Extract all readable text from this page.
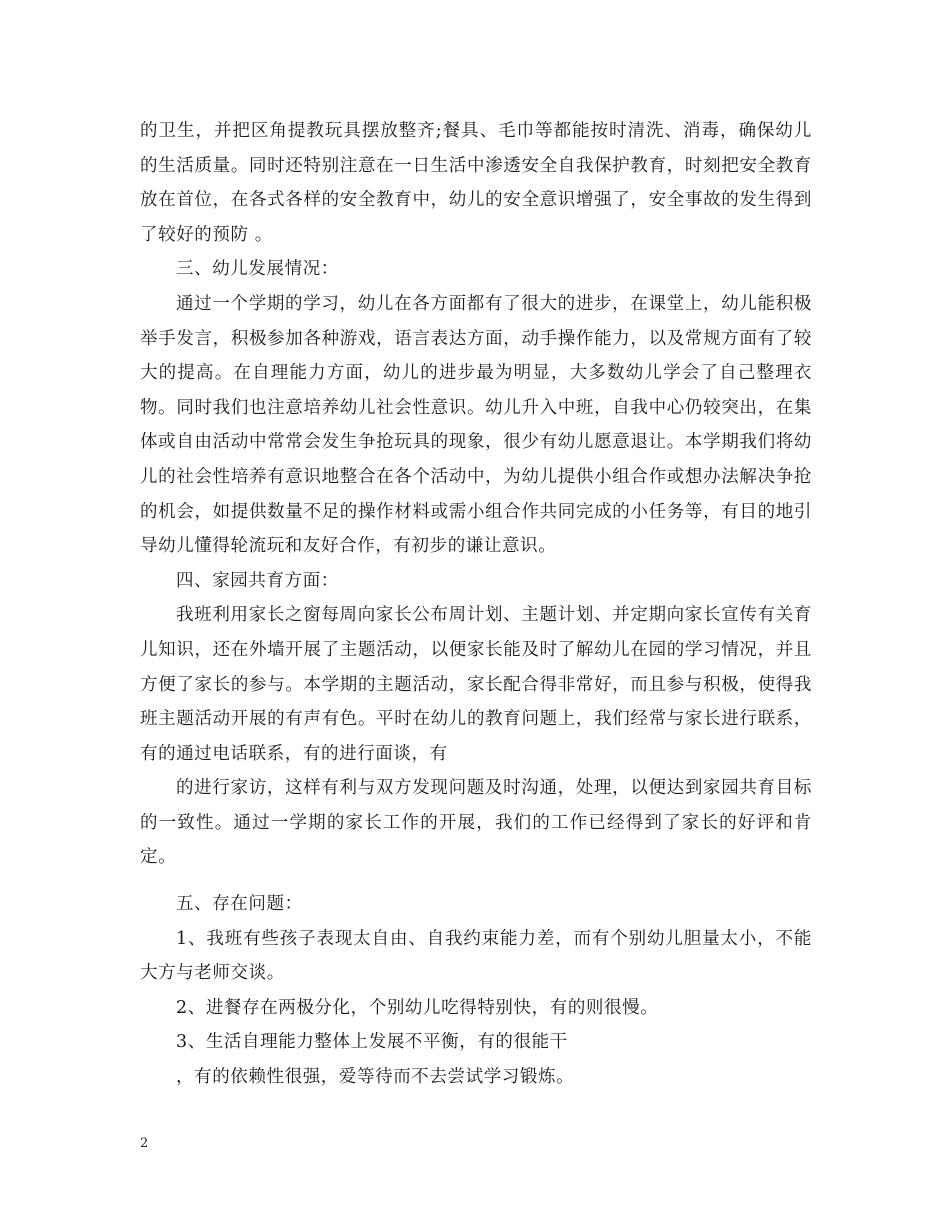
的卫生，并把区角提教玩具摆放整齐;餐具、毛巾等都能按时清洗、消毒，确保幼儿的生活质量。同时还特别注意在一日生活中渗透安全自我保护教育，时刻把安全教育放在首位，在各式各样的安全教育中，幼儿的安全意识增强了，安全事故的发生得到了较好的预防 。

三、幼儿发展情况：

通过一个学期的学习，幼儿在各方面都有了很大的进步，在课堂上，幼儿能积极举手发言，积极参加各种游戏，语言表达方面，动手操作能力，以及常规方面有了较大的提高。在自理能力方面，幼儿的进步最为明显，大多数幼儿学会了自己整理衣物。同时我们也注意培养幼儿社会性意识。幼儿升入中班，自我中心仍较突出，在集体或自由活动中常常会发生争抢玩具的现象，很少有幼儿愿意退让。本学期我们将幼儿的社会性培养有意识地整合在各个活动中，为幼儿提供小组合作或想办法解决争抢的机会，如提供数量不足的操作材料或需小组合作共同完成的小任务等，有目的地引导幼儿懂得轮流玩和友好合作，有初步的谦让意识。

四、家园共育方面：

我班利用家长之窗每周向家长公布周计划、主题计划、并定期向家长宣传有关育儿知识，还在外墙开展了主题活动，以便家长能及时了解幼儿在园的学习情况，并且方便了家长的参与。本学期的主题活动，家长配合得非常好，而且参与积极，使得我班主题活动开展的有声有色。平时在幼儿的教育问题上，我们经常与家长进行联系，有的通过电话联系，有的进行面谈，有

的进行家访，这样有利与双方发现问题及时沟通，处理，以便达到家园共育目标的一致性。通过一学期的家长工作的开展，我们的工作已经得到了家长的好评和肯定。

五、存在问题：

1、我班有些孩子表现太自由、自我约束能力差，而有个别幼儿胆量太小，不能大方与老师交谈。

2、进餐存在两极分化，个别幼儿吃得特别快，有的则很慢。

3、生活自理能力整体上发展不平衡，有的很能干

，有的依赖性很强，爱等待而不去尝试学习锻炼。

2
